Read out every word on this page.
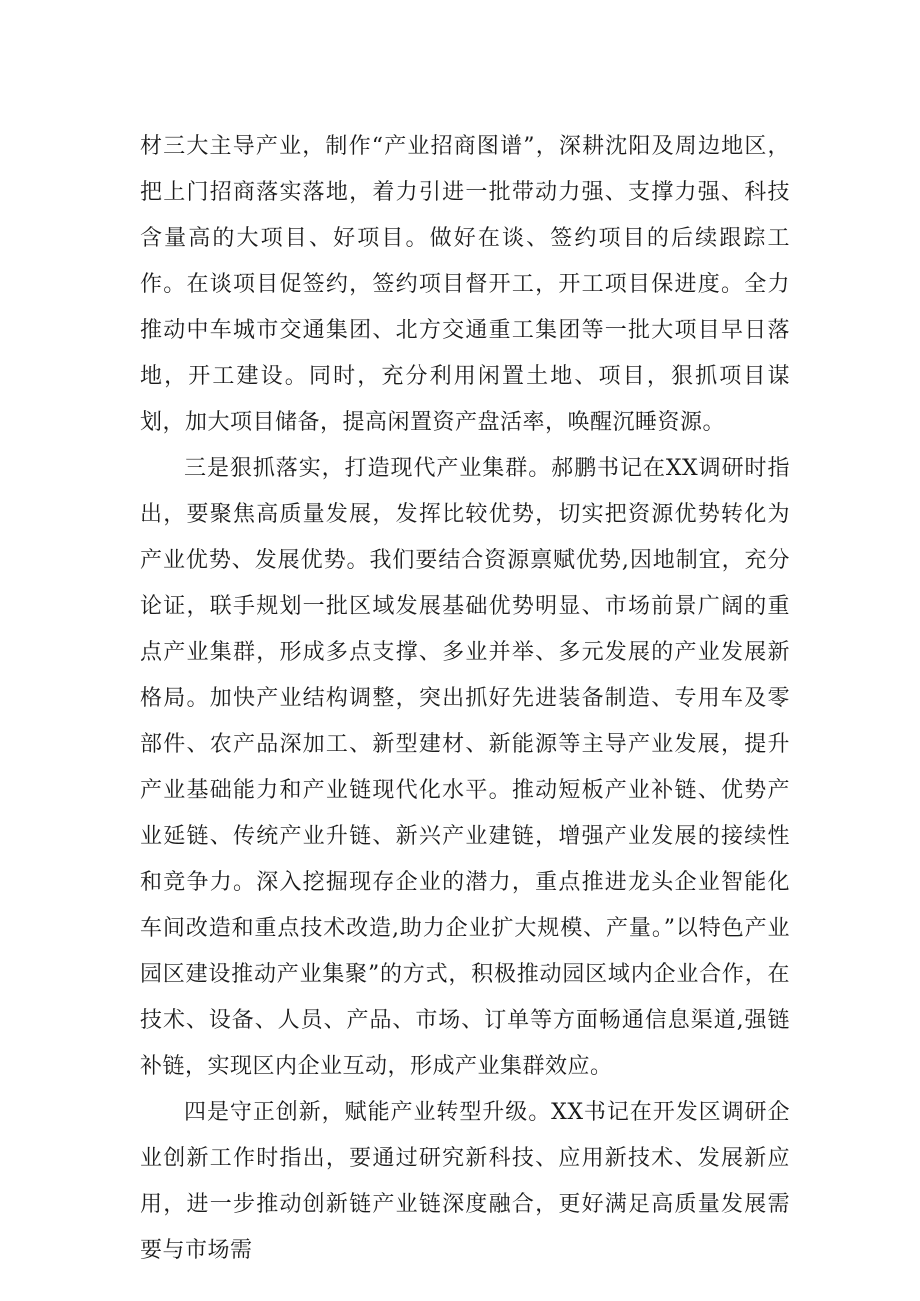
材三大主导产业，制作“产业招商图谱”，深耕沈阳及周边地区，把上门招商落实落地，着力引进一批带动力强、支撑力强、科技含量高的大项目、好项目。做好在谈、签约项目的后续跟踪工作。在谈项目促签约，签约项目督开工，开工项目保进度。全力推动中车城市交通集团、北方交通重工集团等一批大项目早日落地，开工建设。同时，充分利用闲置土地、项目，狠抓项目谋划，加大项目储备，提高闲置资产盘活率，唤醒沉睡资源。

三是狠抓落实，打造现代产业集群。郝鹏书记在XX调研时指出，要聚焦高质量发展，发挥比较优势，切实把资源优势转化为产业优势、发展优势。我们要结合资源禀赋优势,因地制宜，充分论证，联手规划一批区域发展基础优势明显、市场前景广阔的重点产业集群，形成多点支撑、多业并举、多元发展的产业发展新格局。加快产业结构调整，突出抓好先进装备制造、专用车及零部件、农产品深加工、新型建材、新能源等主导产业发展，提升产业基础能力和产业链现代化水平。推动短板产业补链、优势产业延链、传统产业升链、新兴产业建链，增强产业发展的接续性和竞争力。深入挖掘现存企业的潜力，重点推进龙头企业智能化车间改造和重点技术改造,助力企业扩大规模、产量。”以特色产业园区建设推动产业集聚”的方式，积极推动园区域内企业合作，在技术、设备、人员、产品、市场、订单等方面畅通信息渠道,强链补链，实现区内企业互动，形成产业集群效应。

四是守正创新，赋能产业转型升级。XX书记在开发区调研企业创新工作时指出，要通过研究新科技、应用新技术、发展新应用，进一步推动创新链产业链深度融合，更好满足高质量发展需要与市场需
